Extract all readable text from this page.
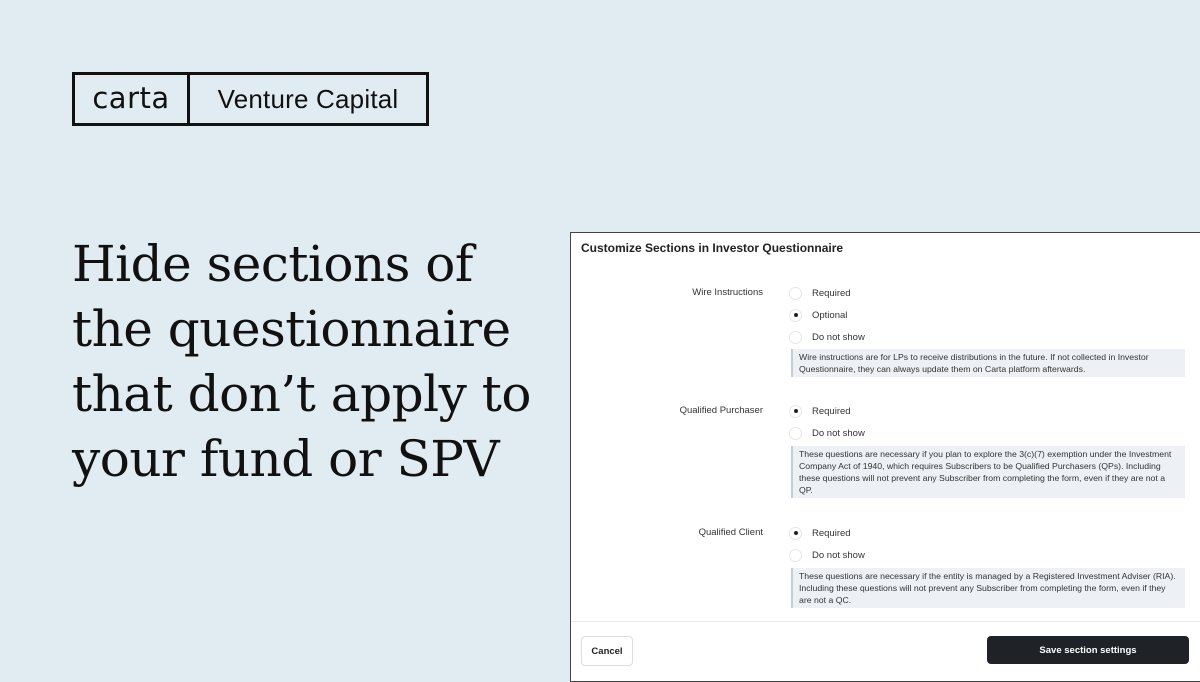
carta	Venture Capital
Hide sections of the questionnaire that don’t apply to your fund or SPV
Customize Sections in Investor Questionnaire
Wire Instructions	Required
Optional
Do not show
Wire instructions are for LPs to receive distributions in the future. If not collected in Investor Questionnaire, they can always update them on Carta platform afterwards.
Qualified Purchaser	Required
Do not show
These questions are necessary if you plan to explore the 3(c)(7) exemption under the Investment Company Act of 1940, which requires Subscribers to be Qualified Purchasers (QPs). Including these questions will not prevent any Subscriber from completing the form, even if they are not a QP.
Qualified Client	Required
Do not show
These questions are necessary if the entity is managed by a Registered Investment Adviser (RIA). Including these questions will not prevent any Subscriber from completing the form, even if they are not a QC.
Cancel	Save section settings
